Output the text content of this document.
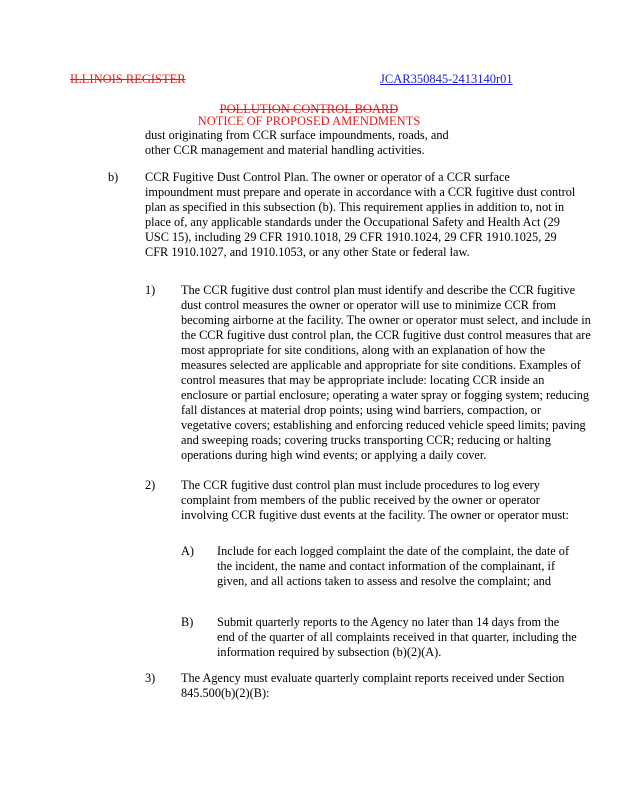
ILLINOIS REGISTER	JCAR350845-2413140r01
POLLUTION CONTROL BOARD
NOTICE OF PROPOSED AMENDMENTS

dust originating from CCR surface impoundments, roads, and other CCR management and material handling activities.

b) CCR Fugitive Dust Control Plan. The owner or operator of a CCR surface impoundment must prepare and operate in accordance with a CCR fugitive dust control plan as specified in this subsection (b). This requirement applies in addition to, not in place of, any applicable standards under the Occupational Safety and Health Act (29 USC 15), including 29 CFR 1910.1018, 29 CFR 1910.1024, 29 CFR 1910.1025, 29 CFR 1910.1027, and 1910.1053, or any other State or federal law.

1) The CCR fugitive dust control plan must identify and describe the CCR fugitive dust control measures the owner or operator will use to minimize CCR from becoming airborne at the facility. The owner or operator must select, and include in the CCR fugitive dust control plan, the CCR fugitive dust control measures that are most appropriate for site conditions, along with an explanation of how the measures selected are applicable and appropriate for site conditions. Examples of control measures that may be appropriate include: locating CCR inside an enclosure or partial enclosure; operating a water spray or fogging system; reducing fall distances at material drop points; using wind barriers, compaction, or vegetative covers; establishing and enforcing reduced vehicle speed limits; paving and sweeping roads; covering trucks transporting CCR; reducing or halting operations during high wind events; or applying a daily cover.

2) The CCR fugitive dust control plan must include procedures to log every complaint from members of the public received by the owner or operator involving CCR fugitive dust events at the facility. The owner or operator must:

A) Include for each logged complaint the date of the complaint, the date of the incident, the name and contact information of the complainant, if given, and all actions taken to assess and resolve the complaint; and

B) Submit quarterly reports to the Agency no later than 14 days from the end of the quarter of all complaints received in that quarter, including the information required by subsection (b)(2)(A).

3) The Agency must evaluate quarterly complaint reports received under Section 845.500(b)(2)(B):
